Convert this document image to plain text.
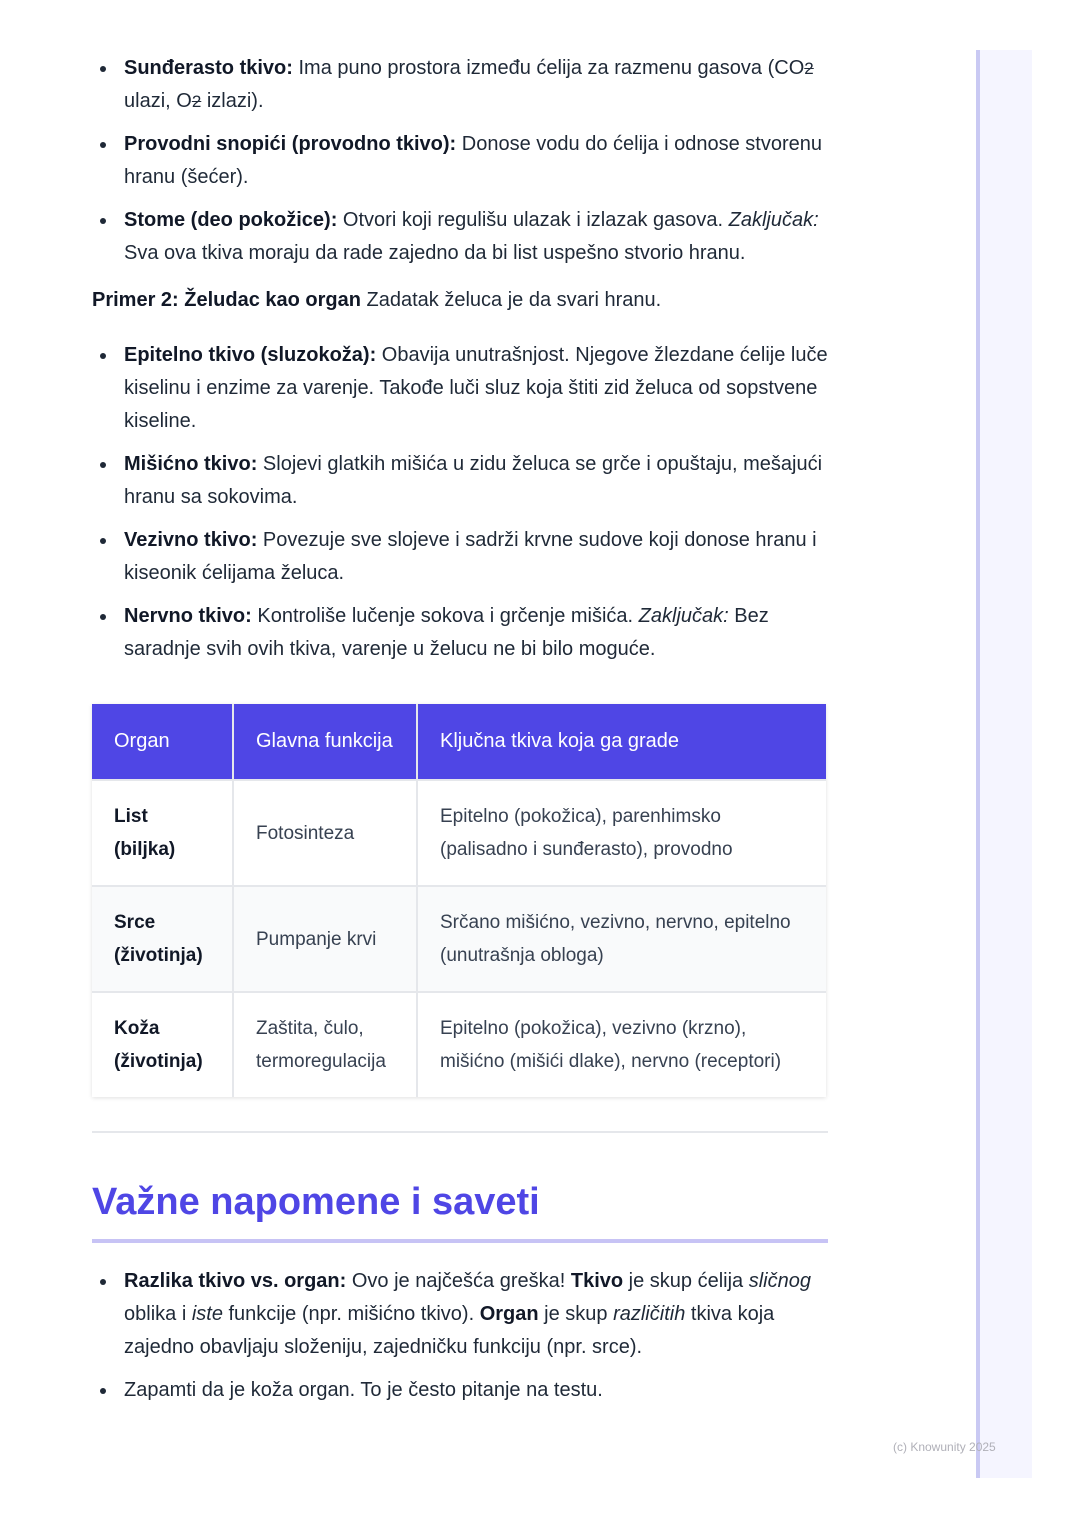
Sunđerasto tkivo: Ima puno prostora između ćelija za razmenu gasova (CO2 ulazi, O2 izlazi).
Provodni snopići (provodno tkivo): Donose vodu do ćelija i odnose stvorenu hranu (šećer).
Stome (deo pokožice): Otvori koji regulišu ulazak i izlazak gasova. Zaključak: Sva ova tkiva moraju da rade zajedno da bi list uspešno stvorio hranu.

Primer 2: Želudac kao organ Zadatak želuca je da svari hranu.

Epitelno tkivo (sluzokoža): Obavija unutrašnjost. Njegove žlezdane ćelije luče kiselinu i enzime za varenje. Takođe luči sluz koja štiti zid želuca od sopstvene kiseline.
Mišićno tkivo: Slojevi glatkih mišića u zidu želuca se grče i opuštaju, mešajući hranu sa sokovima.
Vezivno tkivo: Povezuje sve slojeve i sadrži krvne sudove koji donose hranu i kiseonik ćelijama želuca.
Nervno tkivo: Kontroliše lučenje sokova i grčenje mišića. Zaključak: Bez saradnje svih ovih tkiva, varenje u želucu ne bi bilo moguće.
Organ	Glavna funkcija	Ključna tkiva koja ga grade
List (biljka)	Fotosinteza	Epitelno (pokožica), parenhimsko (palisadno i sunđerasto), provodno
Srce (životinja)	Pumpanje krvi	Srčano mišićno, vezivno, nervno, epitelno (unutrašnja obloga)
Koža (životinja)	Zaštita, čulo, termoregulacija	Epitelno (pokožica), vezivno (krzno), mišićno (mišići dlake), nervno (receptori)
Važne napomene i saveti
Razlika tkivo vs. organ: Ovo je najčešća greška! Tkivo je skup ćelija sličnog oblika i iste funkcije (npr. mišićno tkivo). Organ je skup različitih tkiva koja zajedno obavljaju složeniju, zajedničku funkciju (npr. srce).
Zapamti da je koža organ. To je često pitanje na testu.
(c) Knowunity 2025
